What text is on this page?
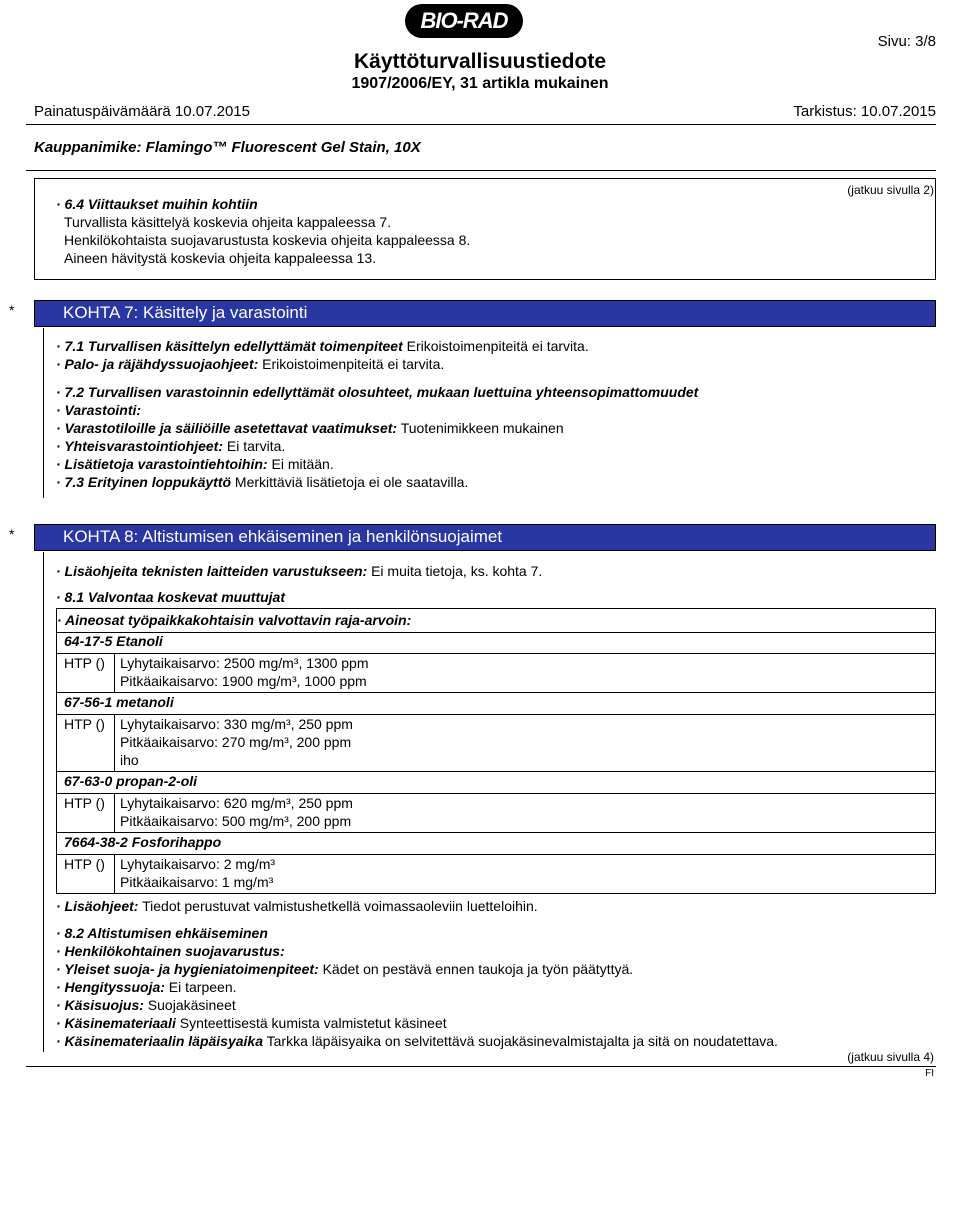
BIO-RAD
Käyttöturvallisuustiedote
1907/2006/EY, 31 artikla mukainen
Sivu: 3/8
Painatuspäivämäärä 10.07.2015	Tarkistus: 10.07.2015
Kauppanimike: Flamingo™ Fluorescent Gel Stain, 10X
(jatkuu sivulla 2)
· 6.4 Viittaukset muihin kohtiin
Turvallista käsittelyä koskevia ohjeita kappaleessa 7.
Henkilökohtaista suojavarustusta koskevia ohjeita kappaleessa 8.
Aineen hävitystä koskevia ohjeita kappaleessa 13.
*	KOHTA 7: Käsittely ja varastointi
· 7.1 Turvallisen käsittelyn edellyttämät toimenpiteet Erikoistoimenpiteitä ei tarvita.
· Palo- ja räjähdyssuojaohjeet: Erikoistoimenpiteitä ei tarvita.
· 7.2 Turvallisen varastoinnin edellyttämät olosuhteet, mukaan luettuina yhteensopimattomuudet
· Varastointi:
· Varastotiloille ja säiliöille asetettavat vaatimukset: Tuotenimikkeen mukainen
· Yhteisvarastointiohjeet: Ei tarvita.
· Lisätietoja varastointiehtoihin: Ei mitään.
· 7.3 Erityinen loppukäyttö Merkittäviä lisätietoja ei ole saatavilla.
*	KOHTA 8: Altistumisen ehkäiseminen ja henkilönsuojaimet
· Lisäohjeita teknisten laitteiden varustukseen: Ei muita tietoja, ks. kohta 7.
· 8.1 Valvontaa koskevat muuttujat
· Aineosat työpaikkakohtaisin valvottavin raja-arvoin:
64-17-5 Etanoli
HTP () Lyhytaikaisarvo: 2500 mg/m³, 1300 ppm
Pitkäaikaisarvo: 1900 mg/m³, 1000 ppm
67-56-1 metanoli
HTP () Lyhytaikaisarvo: 330 mg/m³, 250 ppm
Pitkäaikaisarvo: 270 mg/m³, 200 ppm
iho
67-63-0 propan-2-oli
HTP () Lyhytaikaisarvo: 620 mg/m³, 250 ppm
Pitkäaikaisarvo: 500 mg/m³, 200 ppm
7664-38-2 Fosforihappo
HTP () Lyhytaikaisarvo: 2 mg/m³
Pitkäaikaisarvo: 1 mg/m³
· Lisäohjeet: Tiedot perustuvat valmistushetkellä voimassaoleviin luetteloihin.
· 8.2 Altistumisen ehkäiseminen
· Henkilökohtainen suojavarustus:
· Yleiset suoja- ja hygieniatoimenpiteet: Kädet on pestävä ennen taukoja ja työn päätyttyä.
· Hengityssuoja: Ei tarpeen.
· Käsisuojus: Suojakäsineet
· Käsinemateriaali Synteettisestä kumista valmistetut käsineet
· Käsinemateriaalin läpäisyaika Tarkka läpäisyaika on selvitettävä suojakäsinevalmistajalta ja sitä on noudatettava.
(jatkuu sivulla 4)
FI
